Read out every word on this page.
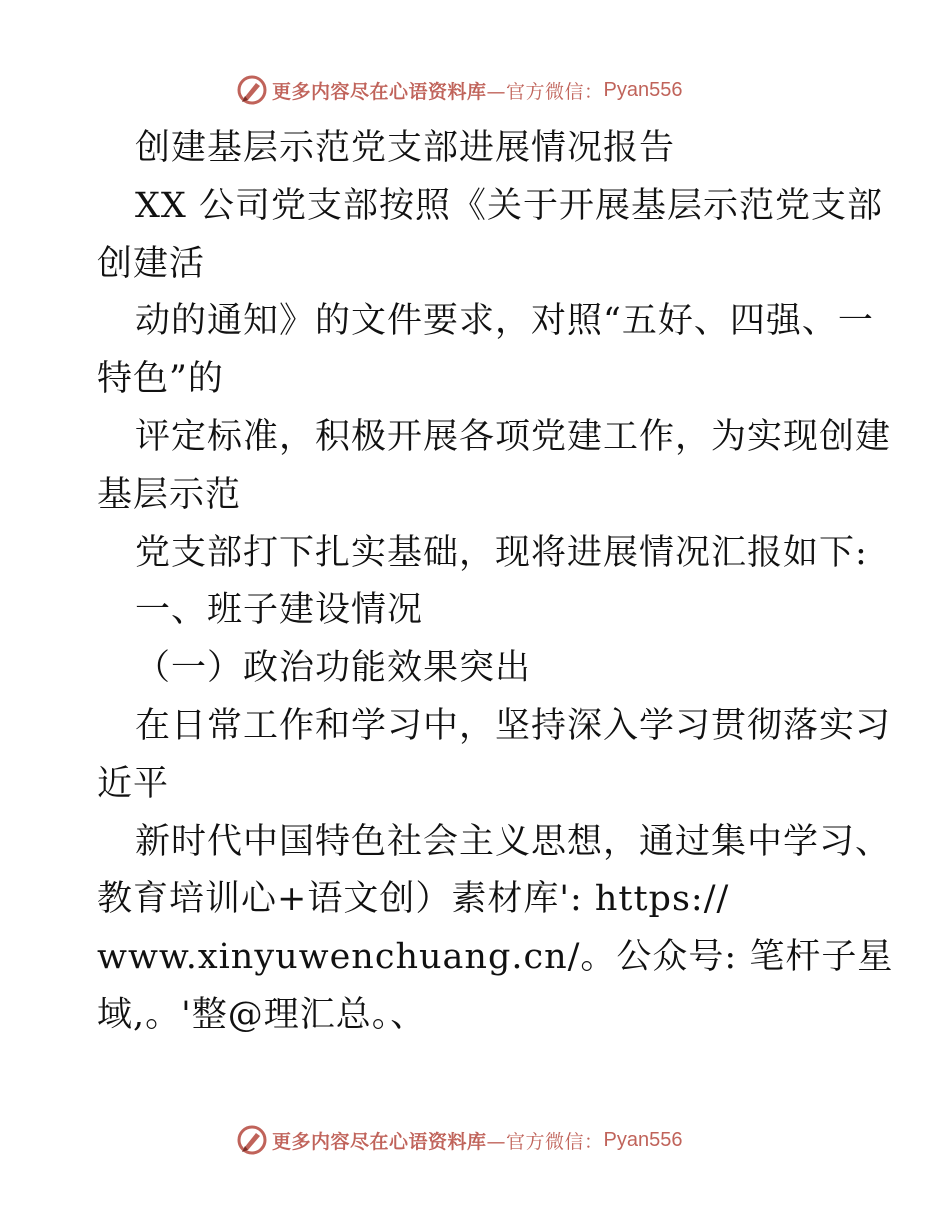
更多内容尽在心语资料库—官方微信： Pyan556
创建基层示范党支部进展情况报告
XX 公司党支部按照《关于开展基层示范党支部
创建活
动的通知》的文件要求，对照“五好、四强、一
特色”的
评定标准，积极开展各项党建工作，为实现创建
基层示范
党支部打下扎实基础，现将进展情况汇报如下:
一、班子建设情况
（一）政治功能效果突出
在日常工作和学习中，坚持深入学习贯彻落实习
近平
新时代中国特色社会主义思想，通过集中学习、
教育培训心+语文创）素材库': https://
www.xinyuwenchuang.cn/。公众号: 笔杆子星
域,。'整@理汇总。、
更多内容尽在心语资料库—官方微信： Pyan556
